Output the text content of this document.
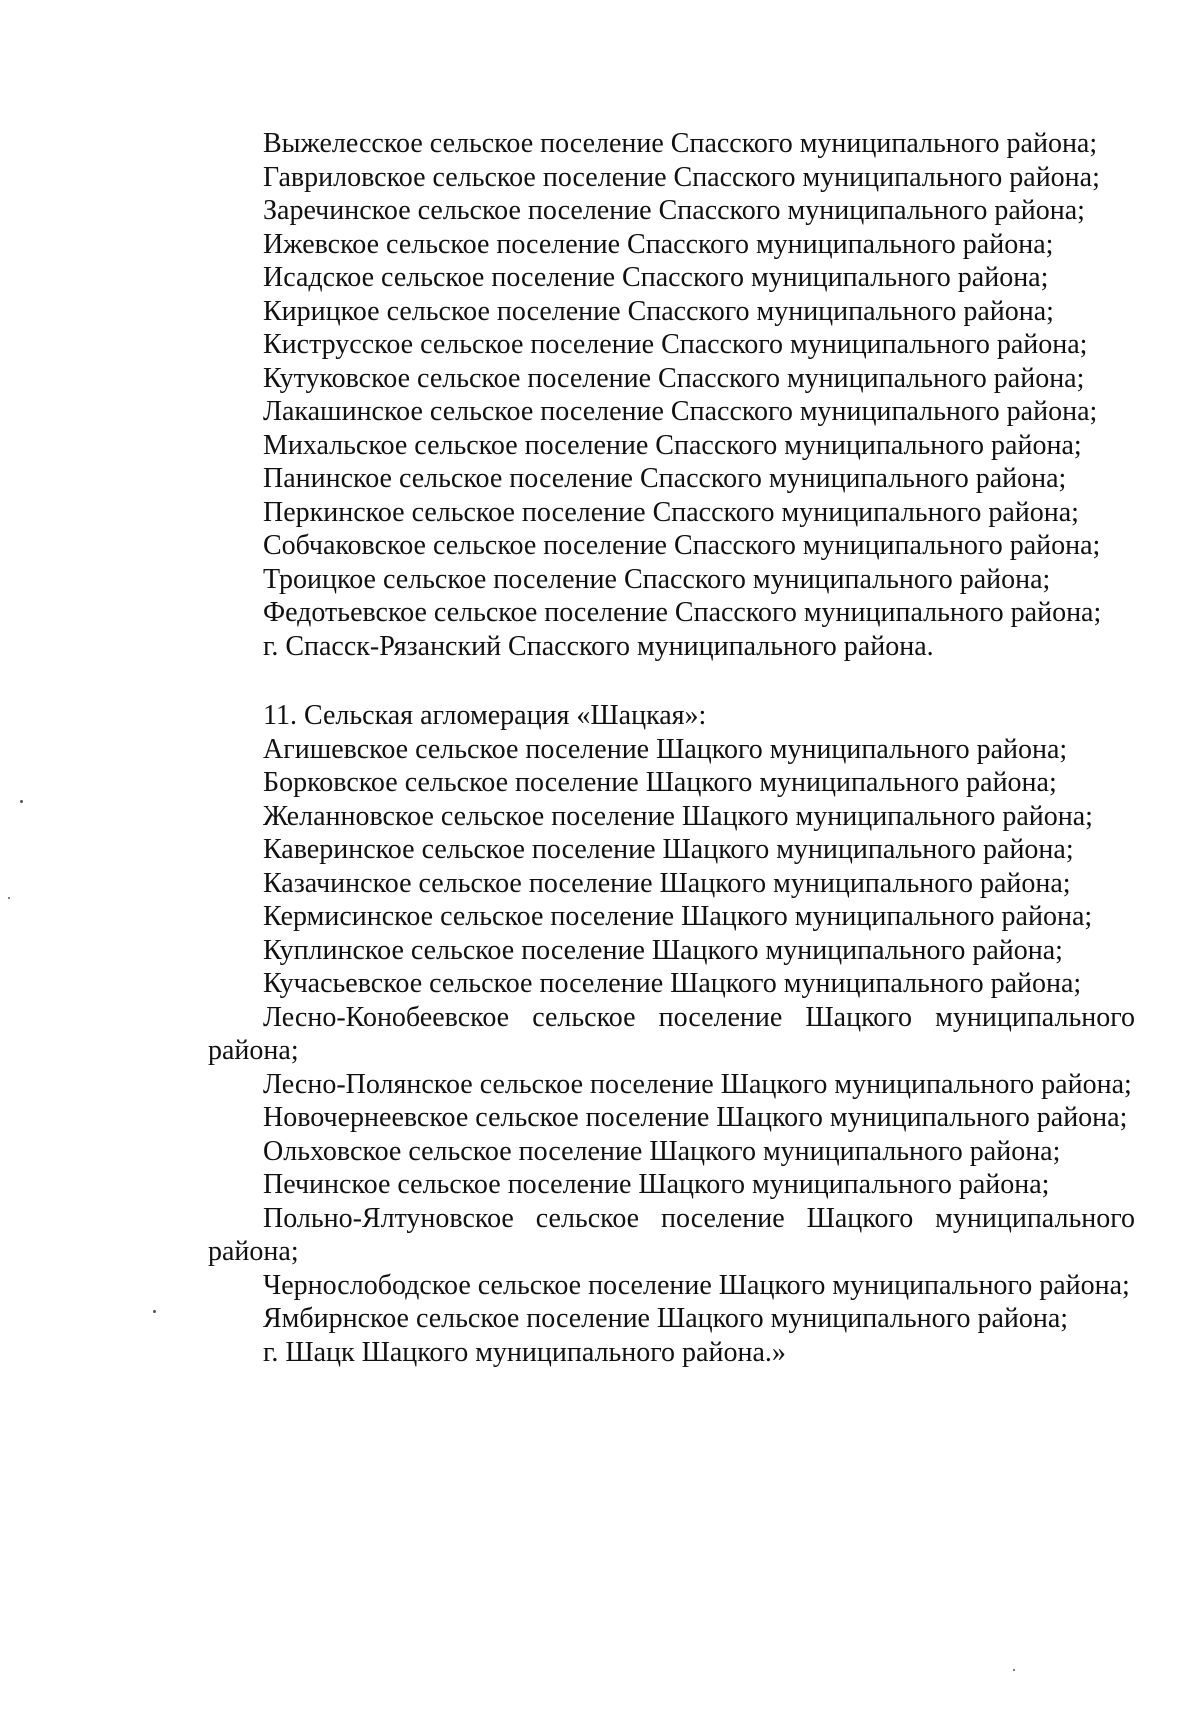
Выжелесское сельское поселение Спасского муниципального района;
Гавриловское сельское поселение Спасского муниципального района;
Заречинское сельское поселение Спасского муниципального района;
Ижевское сельское поселение Спасского муниципального района;
Исадское сельское поселение Спасского муниципального района;
Кирицкое сельское поселение Спасского муниципального района;
Киструсское сельское поселение Спасского муниципального района;
Кутуковское сельское поселение Спасского муниципального района;
Лакашинское сельское поселение Спасского муниципального района;
Михальское сельское поселение Спасского муниципального района;
Панинское сельское поселение Спасского муниципального района;
Перкинское сельское поселение Спасского муниципального района;
Собчаковское сельское поселение Спасского муниципального района;
Троицкое сельское поселение Спасского муниципального района;
Федотьевское сельское поселение Спасского муниципального района;
г. Спасск-Рязанский Спасского муниципального района.
11. Сельская агломерация «Шацкая»:
Агишевское сельское поселение Шацкого муниципального района;
Борковское сельское поселение Шацкого муниципального района;
Желанновское сельское поселение Шацкого муниципального района;
Каверинское сельское поселение Шацкого муниципального района;
Казачинское сельское поселение Шацкого муниципального района;
Кермисинское сельское поселение Шацкого муниципального района;
Куплинское сельское поселение Шацкого муниципального района;
Кучасьевское сельское поселение Шацкого муниципального района;
Лесно-Конобеевское сельское поселение Шацкого муниципального района;
Лесно-Полянское сельское поселение Шацкого муниципального района;
Новочернеевское сельское поселение Шацкого муниципального района;
Ольховское сельское поселение Шацкого муниципального района;
Печинское сельское поселение Шацкого муниципального района;
Польно-Ялтуновское сельское поселение Шацкого муниципального района;
Чернослободское сельское поселение Шацкого муниципального района;
Ямбирнское сельское поселение Шацкого муниципального района;
г. Шацк Шацкого муниципального района.»
